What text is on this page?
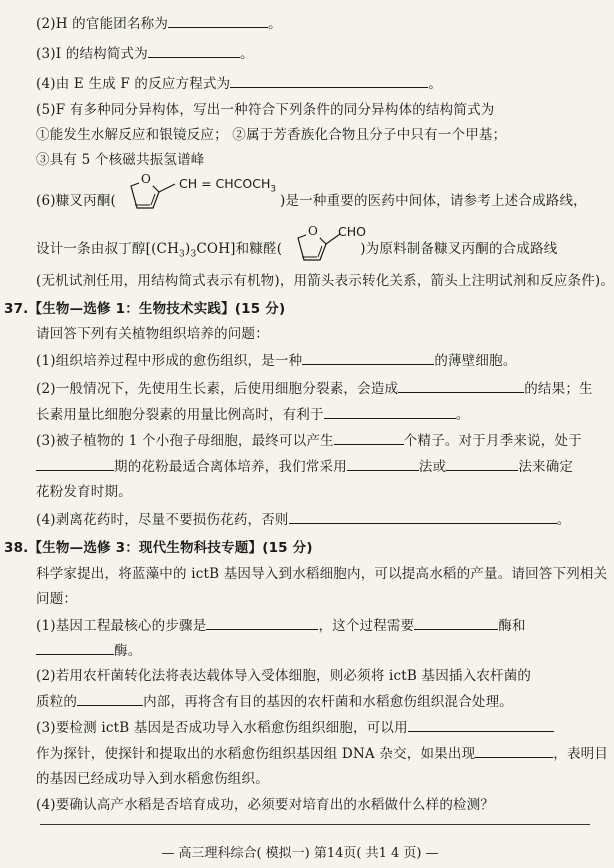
(2)H 的官能团名称为	。
(3)I 的结构简式为	。
(4)由 E 生成 F 的反应方程式为	。
(5)F 有多种同分异构体，写出一种符合下列条件的同分异构体的结构简式为
①能发生水解反应和银镜反应； ②属于芳香族化合物且分子中只有一个甲基；
③具有 5 个核磁共振氢谱峰
(6)糠叉丙酮(	)是一种重要的医药中间体，请参考上述合成路线，
O CH = $CHCOCH_3$
设计一条由叔丁醇$[(CH_3)_3COH]$和糠醛(	)为原料制备糠叉丙酮的合成路线
O CHO
(无机试剂任用，用结构简式表示有机物)，用箭头表示转化关系，箭头上注明试剂和反应条件)。
37.【生物—选修 1：生物技术实践】(15 分)
请回答下列有关植物组织培养的问题：
(1)组织培养过程中形成的愈伤组织，是一种	的薄壁细胞。
(2)一般情况下，先使用生长素，后使用细胞分裂素，会造成	的结果；生
长素用量比细胞分裂素的用量比例高时，有利于	。
(3)被子植物的 1 个小孢子母细胞，最终可以产生	个精子。对于月季来说，处于
期的花粉最适合离体培养，我们常采用	法或	法来确定
花粉发育时期。
(4)剥离花药时，尽量不要损伤花药，否则	。
38.【生物—选修 3：现代生物科技专题】(15 分)
科学家提出，将蓝藻中的 ictB 基因导入到水稻细胞内，可以提高水稻的产量。请回答下列相关
问题：
(1)基因工程最核心的步骤是	，这个过程需要	酶和
酶。
(2)若用农杆菌转化法将表达载体导入受体细胞，则必须将 ictB 基因插入农杆菌的
质粒的	内部，再将含有目的基因的农杆菌和水稻愈伤组织混合处理。
(3)要检测 ictB 基因是否成功导入水稻愈伤组织细胞，可以用
作为探针，使探针和提取出的水稻愈伤组织基因组 DNA 杂交，如果出现	，表明目
的基因已经成功导入到水稻愈伤组织。
(4)要确认高产水稻是否培育成功，必须要对培育出的水稻做什么样的检测？
— 高三理科综合( 模拟一) 第14页( 共1 4 页) —
